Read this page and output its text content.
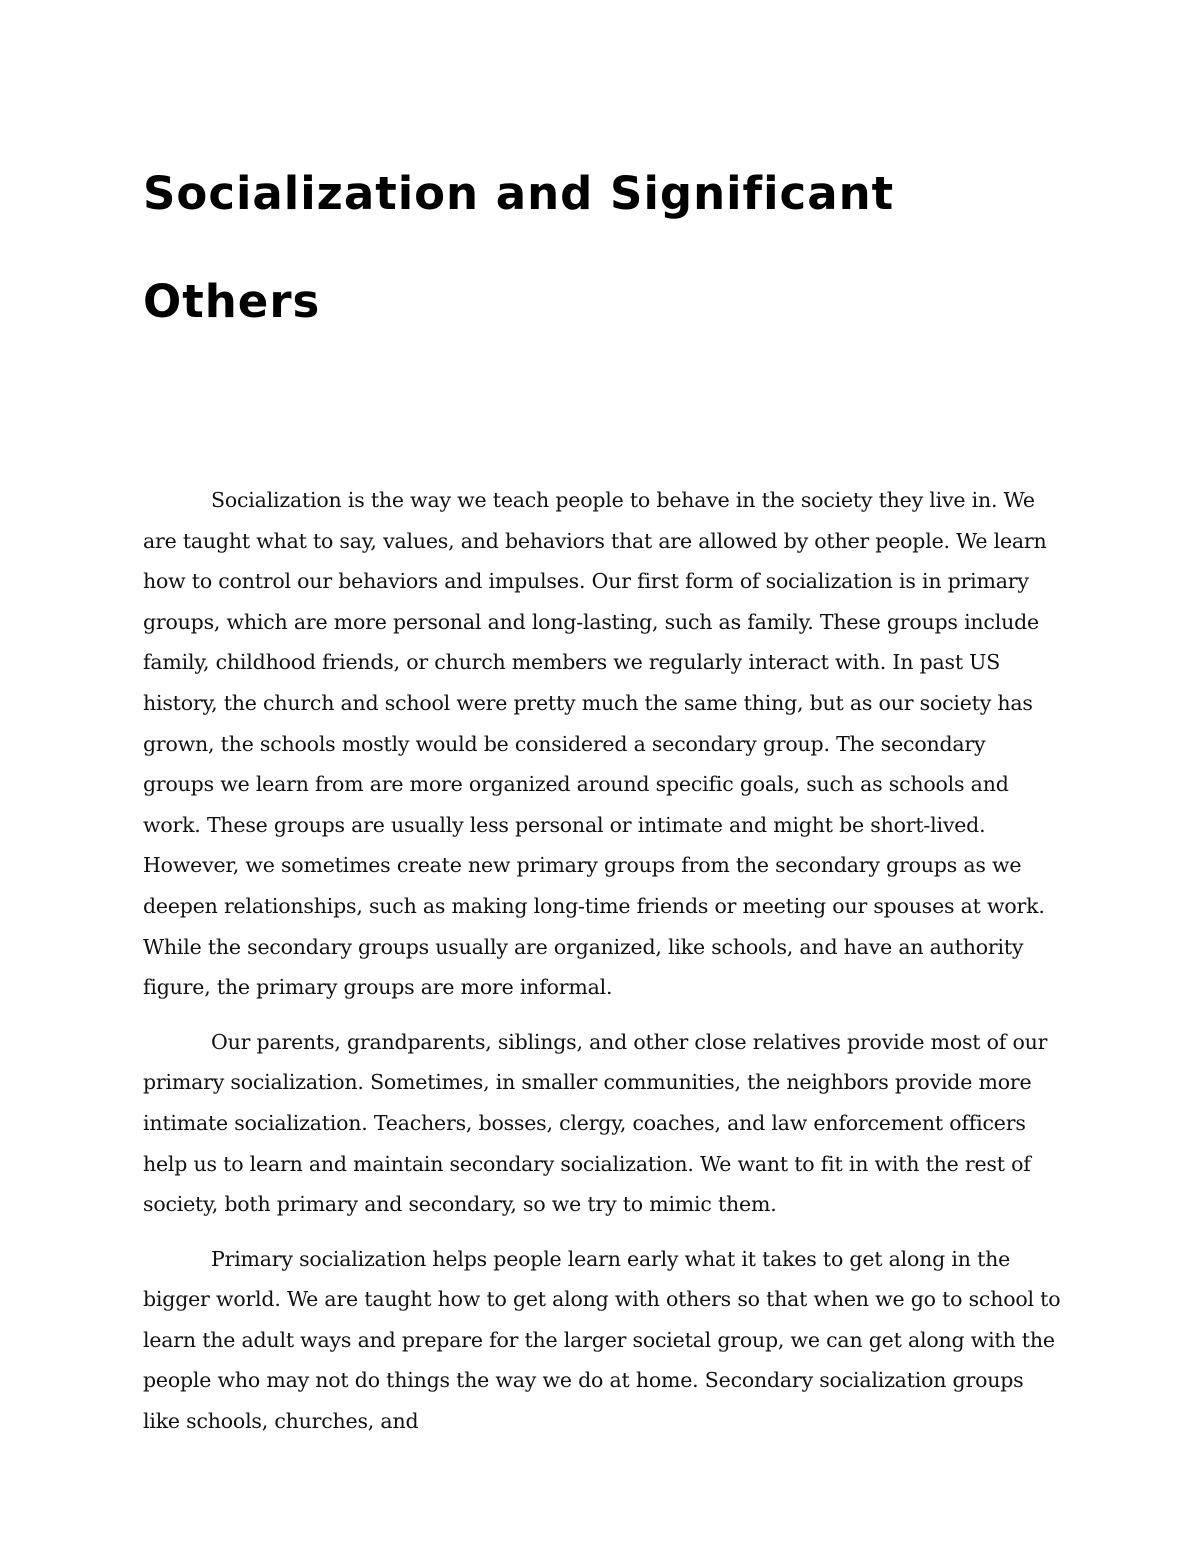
Socialization and Significant Others

Socialization is the way we teach people to behave in the society they live in. We are taught what to say, values, and behaviors that are allowed by other people. We learn how to control our behaviors and impulses. Our first form of socialization is in primary groups, which are more personal and long-lasting, such as family. These groups include family, childhood friends, or church members we regularly interact with. In past US history, the church and school were pretty much the same thing, but as our society has grown, the schools mostly would be considered a secondary group. The secondary groups we learn from are more organized around specific goals, such as schools and work. These groups are usually less personal or intimate and might be short-lived. However, we sometimes create new primary groups from the secondary groups as we deepen relationships, such as making long-time friends or meeting our spouses at work. While the secondary groups usually are organized, like schools, and have an authority figure, the primary groups are more informal.

Our parents, grandparents, siblings, and other close relatives provide most of our primary socialization. Sometimes, in smaller communities, the neighbors provide more intimate socialization. Teachers, bosses, clergy, coaches, and law enforcement officers help us to learn and maintain secondary socialization. We want to fit in with the rest of society, both primary and secondary, so we try to mimic them.

Primary socialization helps people learn early what it takes to get along in the bigger world. We are taught how to get along with others so that when we go to school to learn the adult ways and prepare for the larger societal group, we can get along with the people who may not do things the way we do at home. Secondary socialization groups like schools, churches, and
